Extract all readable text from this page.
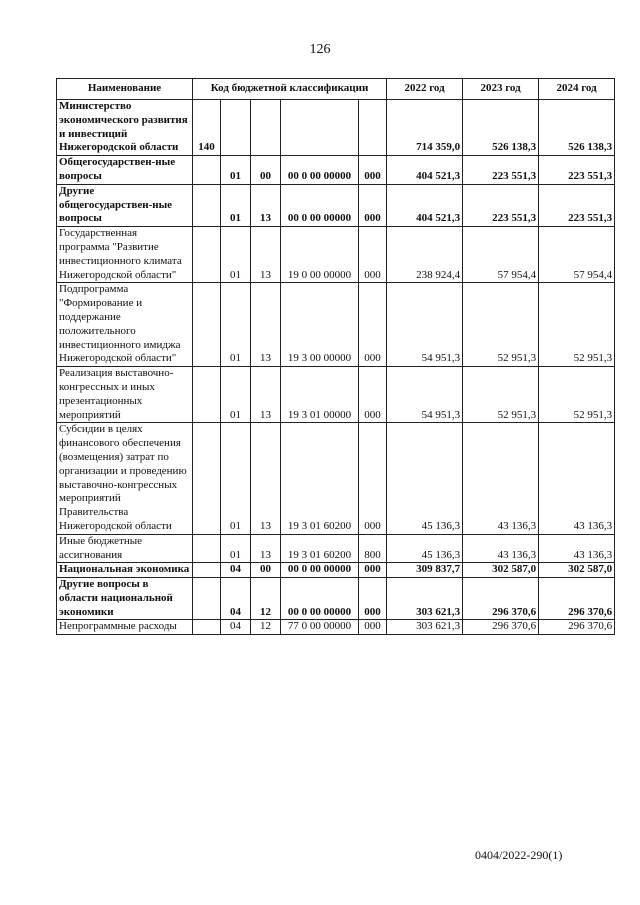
126
Наименование	Код бюджетной классификации					2022 год	2023 год	2024 год
Министерство экономического развития и инвестиций Нижегородской области	140					714 359,0	526 138,3	526 138,3
Общегосударствен-ные вопросы		01	00	00 0 00 00000	000	404 521,3	223 551,3	223 551,3
Другие общегосударствен-ные вопросы		01	13	00 0 00 00000	000	404 521,3	223 551,3	223 551,3
Государственная программа "Развитие инвестиционного климата Нижегородской области"		01	13	19 0 00 00000	000	238 924,4	57 954,4	57 954,4
Подпрограмма "Формирование и поддержание положительного инвестиционного имиджа Нижегородской области"		01	13	19 3 00 00000	000	54 951,3	52 951,3	52 951,3
Реализация выставочно-конгрессных и иных презентационных мероприятий		01	13	19 3 01 00000	000	54 951,3	52 951,3	52 951,3
Субсидии в целях финансового обеспечения (возмещения) затрат по организации и проведению выставочно-конгрессных мероприятий Правительства Нижегородской области		01	13	19 3 01 60200	000	45 136,3	43 136,3	43 136,3
Иные бюджетные ассигнования		01	13	19 3 01 60200	800	45 136,3	43 136,3	43 136,3
Национальная экономика		04	00	00 0 00 00000	000	309 837,7	302 587,0	302 587,0
Другие вопросы в области национальной экономики		04	12	00 0 00 00000	000	303 621,3	296 370,6	296 370,6
Непрограммные расходы		04	12	77 0 00 00000	000	303 621,3	296 370,6	296 370,6
0404/2022-290(1)
